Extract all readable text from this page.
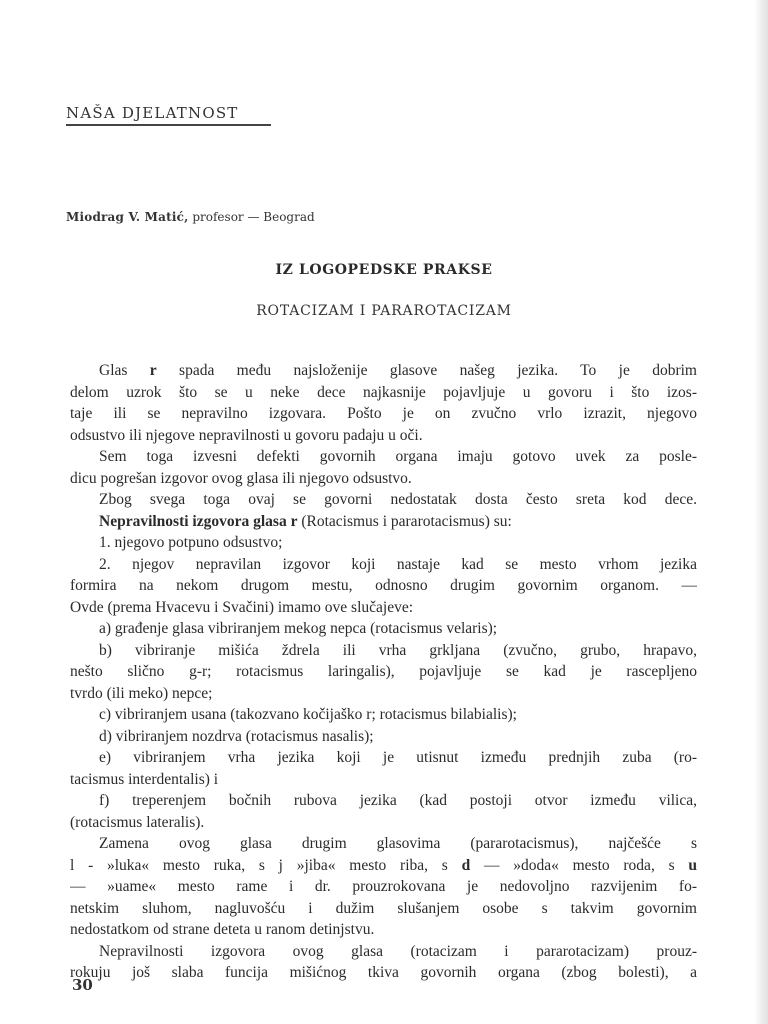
NAŠA DJELATNOST
Miodrag V. Matić, profesor — Beograd
IZ LOGOPEDSKE PRAKSE
ROTACIZAM I PARAROTACIZAM
Glas r spada među najsloženije glasove našeg jezika. To je dobrim
delom uzrok što se u neke dece najkasnije pojavljuje u govoru i što izos-
taje ili se nepravilno izgovara. Pošto je on zvučno vrlo izrazit, njegovo
odsustvo ili njegove nepravilnosti u govoru padaju u oči.
Sem toga izvesni defekti govornih organa imaju gotovo uvek za posle-
dicu pogrešan izgovor ovog glasa ili njegovo odsustvo.
Zbog svega toga ovaj se govorni nedostatak dosta često sreta kod dece.
Nepravilnosti izgovora glasa r (Rotacismus i pararotacismus) su:
1. njegovo potpuno odsustvo;
2. njegov nepravilan izgovor koji nastaje kad se mesto vrhom jezika
formira na nekom drugom mestu, odnosno drugim govornim organom. —
Ovde (prema Hvacevu i Svačini) imamo ove slučajeve:
a) građenje glasa vibriranjem mekog nepca (rotacismus velaris);
b) vibriranje mišića ždrela ili vrha grkljana (zvučno, grubo, hrapavo,
nešto slično g-r; rotacismus laringalis), pojavljuje se kad je rascepljeno
tvrdo (ili meko) nepce;
c) vibriranjem usana (takozvano kočijaško r; rotacismus bilabialis);
d) vibriranjem nozdrva (rotacismus nasalis);
e) vibriranjem vrha jezika koji je utisnut između prednjih zuba (ro-
tacismus interdentalis) i
f) treperenjem bočnih rubova jezika (kad postoji otvor između vilica,
(rotacismus lateralis).
Zamena ovog glasa drugim glasovima (pararotacismus), najčešće s
l - »luka« mesto ruka, s j »jiba« mesto riba, s d — »doda« mesto roda, s u
— »uame« mesto rame i dr. prouzrokovana je nedovoljno razvijenim fo-
netskim sluhom, nagluvošću i dužim slušanjem osobe s takvim govornim
nedostatkom od strane deteta u ranom detinjstvu.
Nepravilnosti izgovora ovog glasa (rotacizam i pararotacizam) prouz-
rokuju još slaba funcija mišićnog tkiva govornih organa (zbog bolesti), a
30
